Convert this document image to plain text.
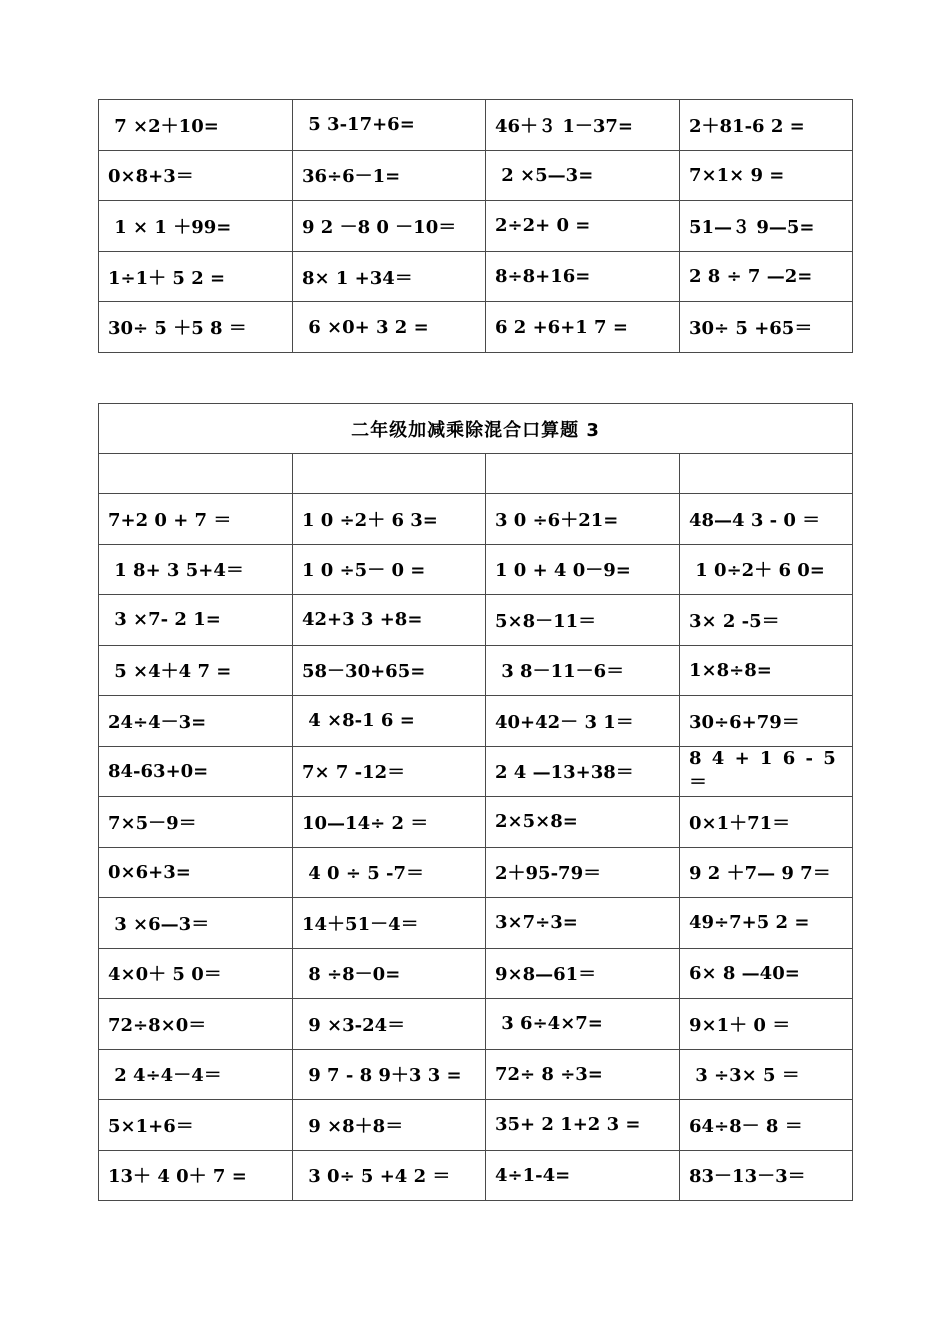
7 ×2＋10=	5 3-17+6=	46＋３ 1－37=	2＋81-6 2 =
0×8+3＝	36÷6－1=	2 ×5—3=	7×1× 9 =
1 × 1 ＋99=	9 2 －8 0 －10＝	2÷2+ 0 =	51—３ 9—5=
1÷1＋ 5 2 =	8× 1 +34＝	8÷8+16=	2 8 ÷ 7 —2=
30÷ 5 ＋5 8 ＝	6 ×0+ 3 2 =	6 2 +6+1 7 =	30÷ 5 +65＝
二年级加减乘除混合口算题 3			

7+2 0 + 7 ＝	1 0 ÷2＋ 6 3=	3 0 ÷6＋21=	48—4 3 - 0 ＝
1 8+ 3 5+4＝	1 0 ÷5－ 0 =	1 0 + 4 0－9=	1 0÷2＋ 6 0=
3 ×7- 2 1=	42+3 3 +8=	5×8－11＝	3× 2 -5＝
5 ×4＋4 7 =	58－30+65=	3 8－11－6＝	1×8÷8=
24÷4－3=	4 ×8-1 6 =	40+42－ 3 1＝	30÷6+79＝
84-63+0=	7× 7 -12＝	2 4 —13+38＝	8 4 + 1 6 - 5 ＝
7×5－9＝	10—14÷ 2 ＝	2×5×8=	0×1＋71＝
0×6+3=	4 0 ÷ 5 -7＝	2＋95-79＝	9 2 ＋7— 9 7＝
3 ×6—3＝	14＋51－4＝	3×7÷3=	49÷7+5 2 =
4×0＋ 5 0＝	8 ÷8－0=	9×8—61＝	6× 8 —40=
72÷8×0＝	9 ×3-24＝	3 6÷4×7=	9×1＋ 0 ＝
2 4÷4－4＝	9 7 - 8 9＋3 3 =	72÷ 8 ÷3=	3 ÷3× 5 ＝
5×1+6＝	9 ×8＋8＝	35+ 2 1+2 3 =	64÷8－ 8 ＝
13＋ 4 0＋ 7 =	3 0÷ 5 +4 2 ＝	4÷1-4=	83－13－3＝
